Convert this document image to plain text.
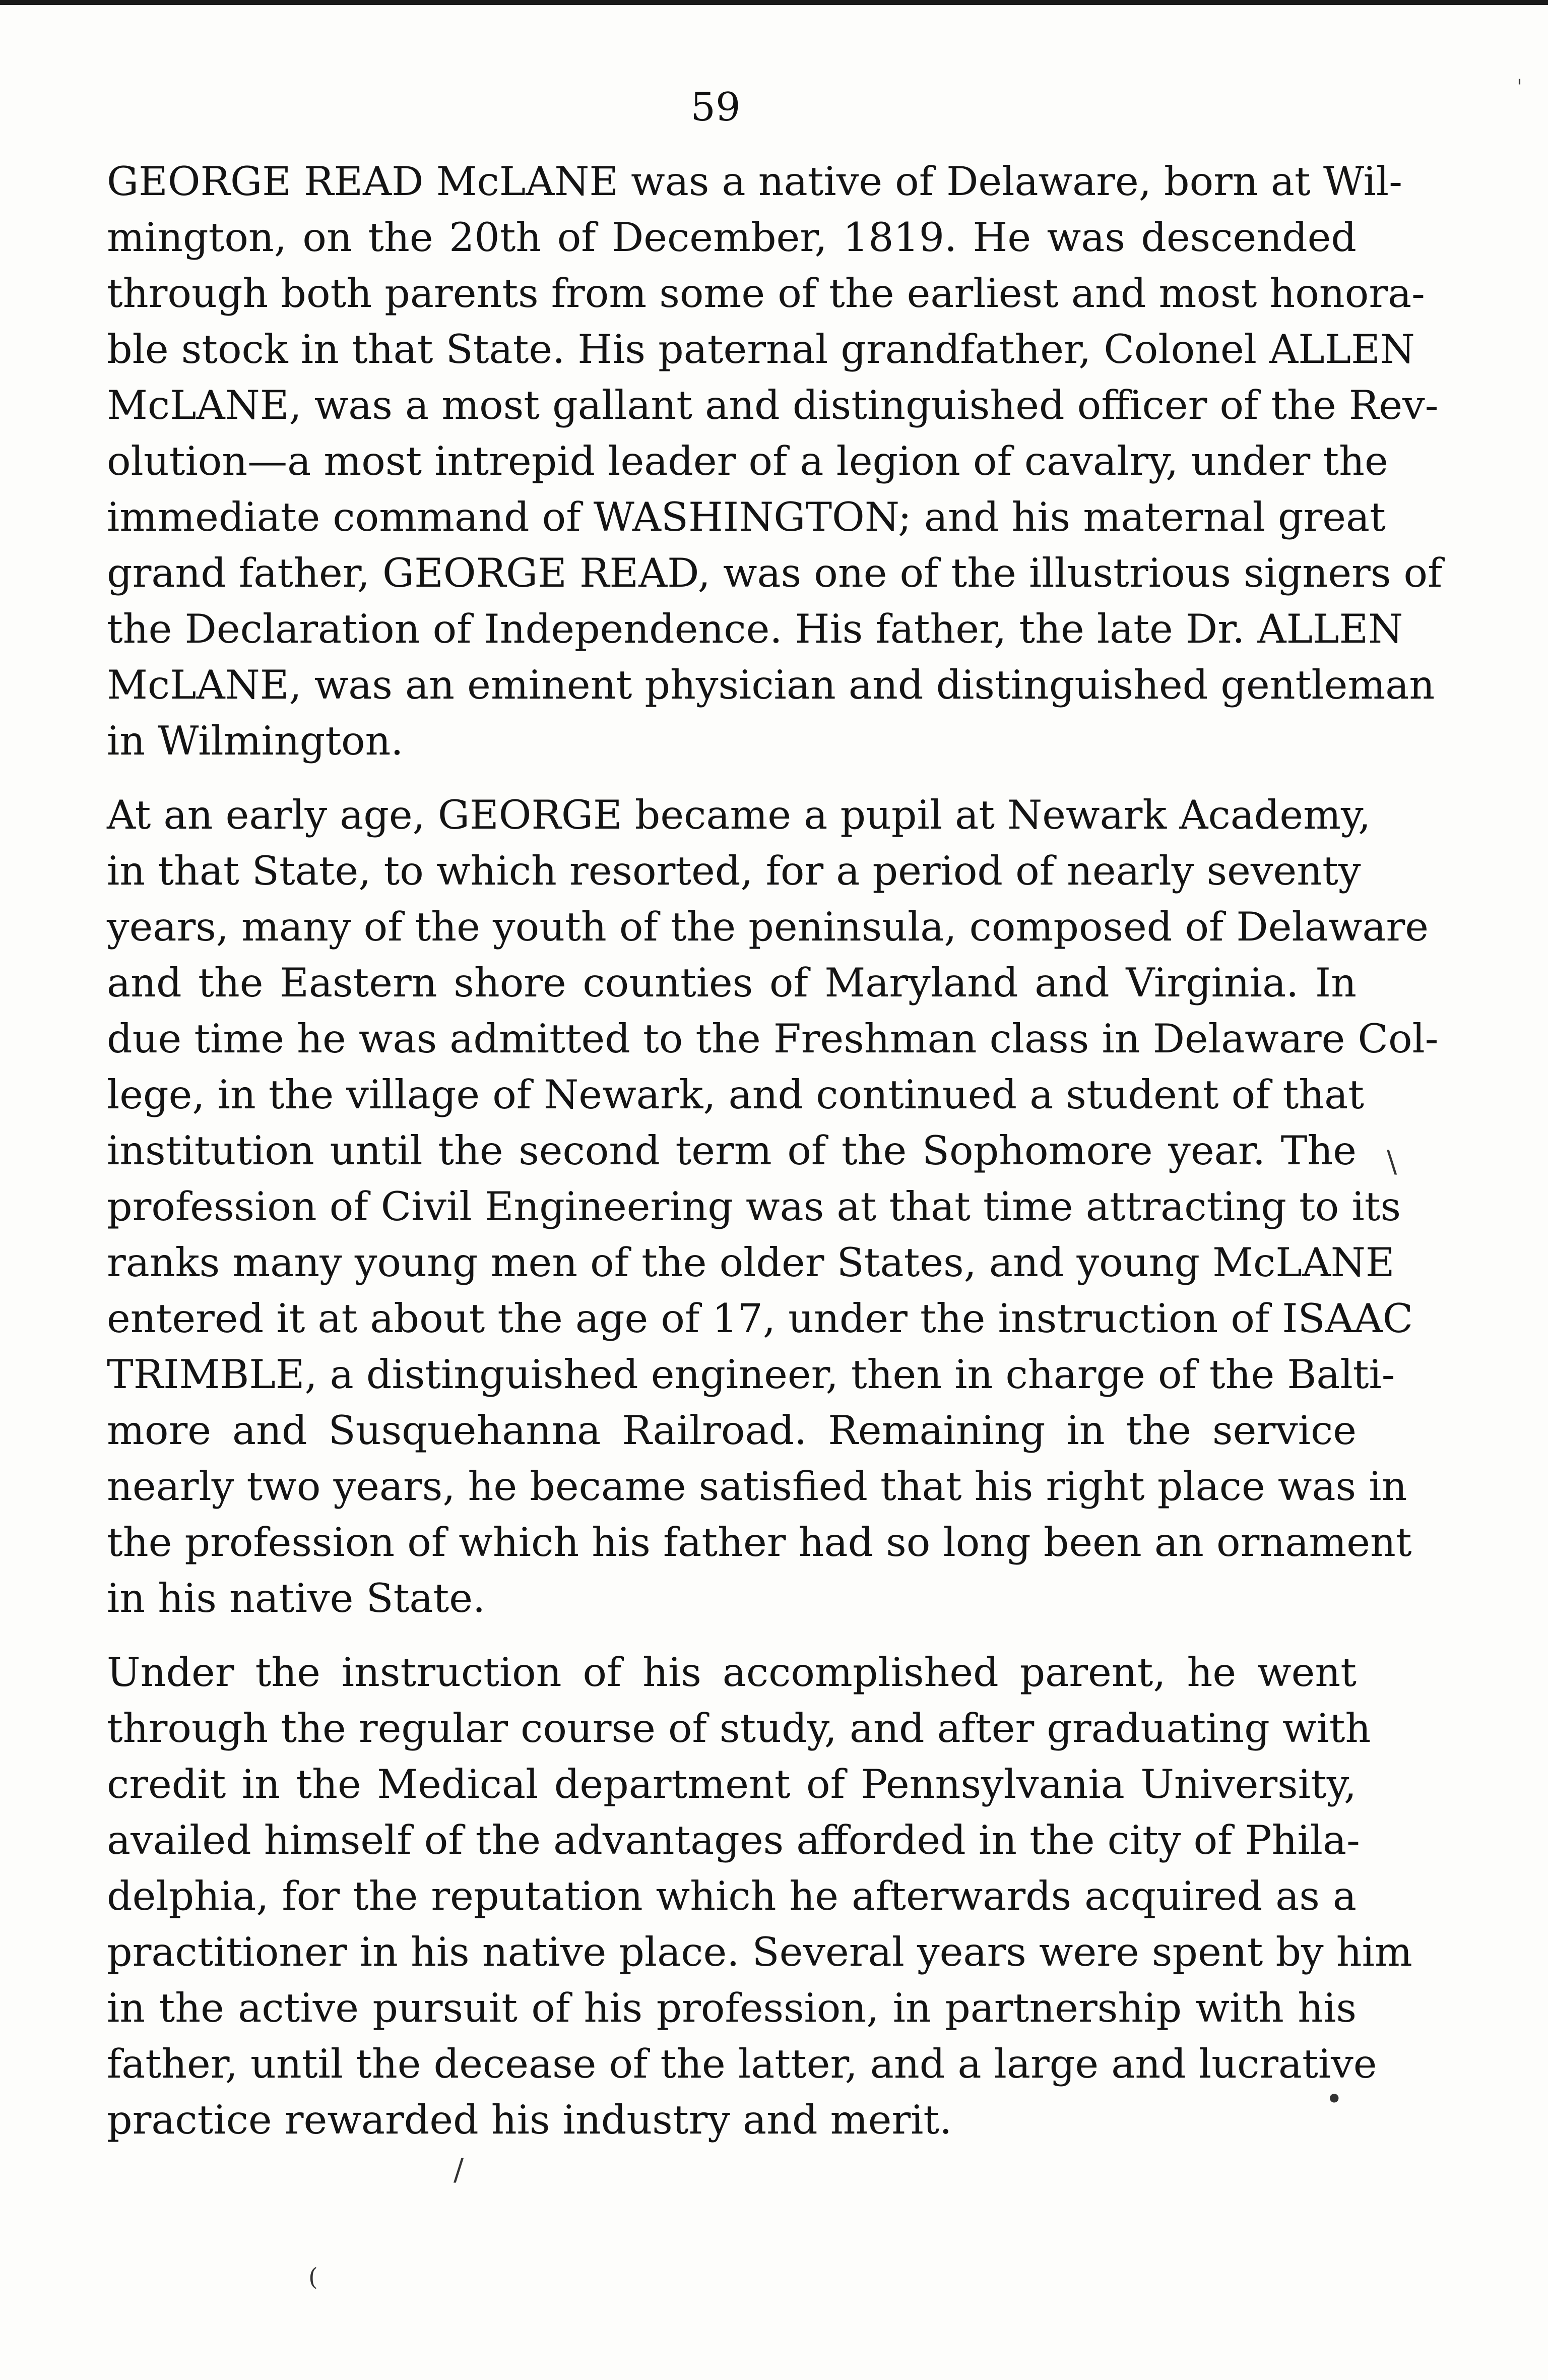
59
GEORGE READ McLANE was a native of Delaware, born at Wil-
mington, on the 20th of December, 1819. He was descended
through both parents from some of the earliest and most honora-
ble stock in that State. His paternal grandfather, Colonel ALLEN
McLANE, was a most gallant and distinguished officer of the Rev-
olution—a most intrepid leader of a legion of cavalry, under the
immediate command of WASHINGTON; and his maternal great
grand father, GEORGE READ, was one of the illustrious signers of
the Declaration of Independence. His father, the late Dr. ALLEN
McLANE, was an eminent physician and distinguished gentleman
in Wilmington.
At an early age, GEORGE became a pupil at Newark Academy,
in that State, to which resorted, for a period of nearly seventy
years, many of the youth of the peninsula, composed of Delaware
and the Eastern shore counties of Maryland and Virginia. In
due time he was admitted to the Freshman class in Delaware Col-
lege, in the village of Newark, and continued a student of that
institution until the second term of the Sophomore year. The
profession of Civil Engineering was at that time attracting to its
ranks many young men of the older States, and young McLANE
entered it at about the age of 17, under the instruction of ISAAC
TRIMBLE, a distinguished engineer, then in charge of the Balti-
more and Susquehanna Railroad. Remaining in the service
nearly two years, he became satisfied that his right place was in
the profession of which his father had so long been an ornament
in his native State.
Under the instruction of his accomplished parent, he went
through the regular course of study, and after graduating with
credit in the Medical department of Pennsylvania University,
availed himself of the advantages afforded in the city of Phila-
delphia, for the reputation which he afterwards acquired as a
practitioner in his native place. Several years were spent by him
in the active pursuit of his profession, in partnership with his
father, until the decease of the latter, and a large and lucrative
practice rewarded his industry and merit.
'
\
•
/
(
